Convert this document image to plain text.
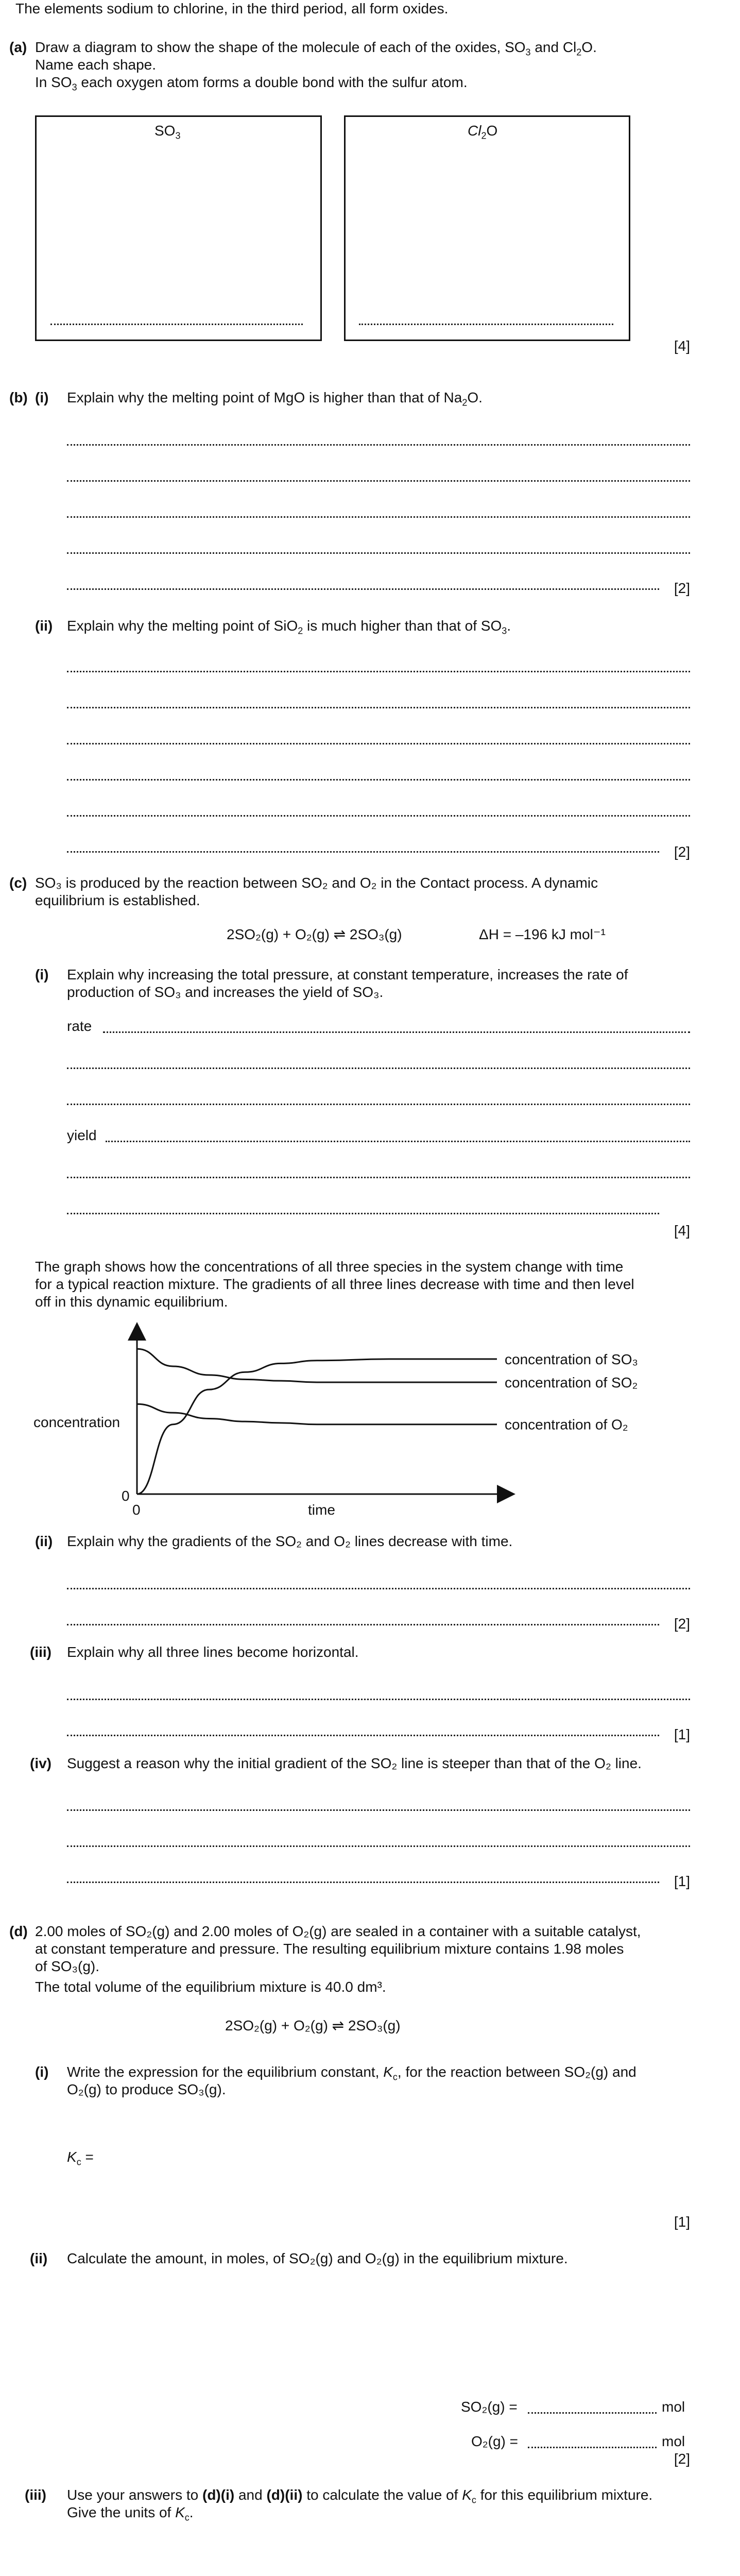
The elements sodium to chlorine, in the third period, all form oxides.
(a) Draw a diagram to show the shape of the molecule of each of the oxides, $SO_3$ and $Cl_2O$.
Name each shape.
In $SO_3$ each oxygen atom forms a double bond with the sulfur atom.
$SO_3$	$Cl_2O$
[4]
(b) (i) Explain why the melting point of MgO is higher than that of $Na_2O$.
[2]
(ii) Explain why the melting point of SiO$_2$ is much higher than that of $SO_3$.
[2]
(c) SO₃ is produced by the reaction between SO₂ and O₂ in the Contact process. A dynamic
equilibrium is established.
2SO₂(g) + O₂(g) ⇌ 2SO₃(g)	ΔH = –196 kJ mol⁻¹
(i) Explain why increasing the total pressure, at constant temperature, increases the rate of
production of SO₃ and increases the yield of SO₃.
rate
yield
[4]
The graph shows how the concentrations of all three species in the system change with time
for a typical reaction mixture. The gradients of all three lines decrease with time and then level
off in this dynamic equilibrium.
concentration
time
0
0
concentration of SO₃
concentration of SO₂
concentration of O₂
(ii) Explain why the gradients of the SO₂ and O₂ lines decrease with time.
[2]
(iii) Explain why all three lines become horizontal.
[1]
(iv) Suggest a reason why the initial gradient of the SO₂ line is steeper than that of the O₂ line.
[1]
(d) 2.00 moles of SO₂(g) and 2.00 moles of O₂(g) are sealed in a container with a suitable catalyst,
at constant temperature and pressure. The resulting equilibrium mixture contains 1.98 moles
of SO₃(g).
The total volume of the equilibrium mixture is 40.0 dm³.
2SO₂(g) + O₂(g) ⇌ 2SO₃(g)
(i) Write the expression for the equilibrium constant, $K_c$, for the reaction between SO₂(g) and
O₂(g) to produce SO₃(g).
$K_c$ =
[1]
(ii) Calculate the amount, in moles, of SO₂(g) and O₂(g) in the equilibrium mixture.
SO₂(g) =	mol
O₂(g) =	mol
[2]
(iii) Use your answers to (d)(i) and (d)(ii) to calculate the value of $K_c$ for this equilibrium mixture.
Give the units of $K_c$.
